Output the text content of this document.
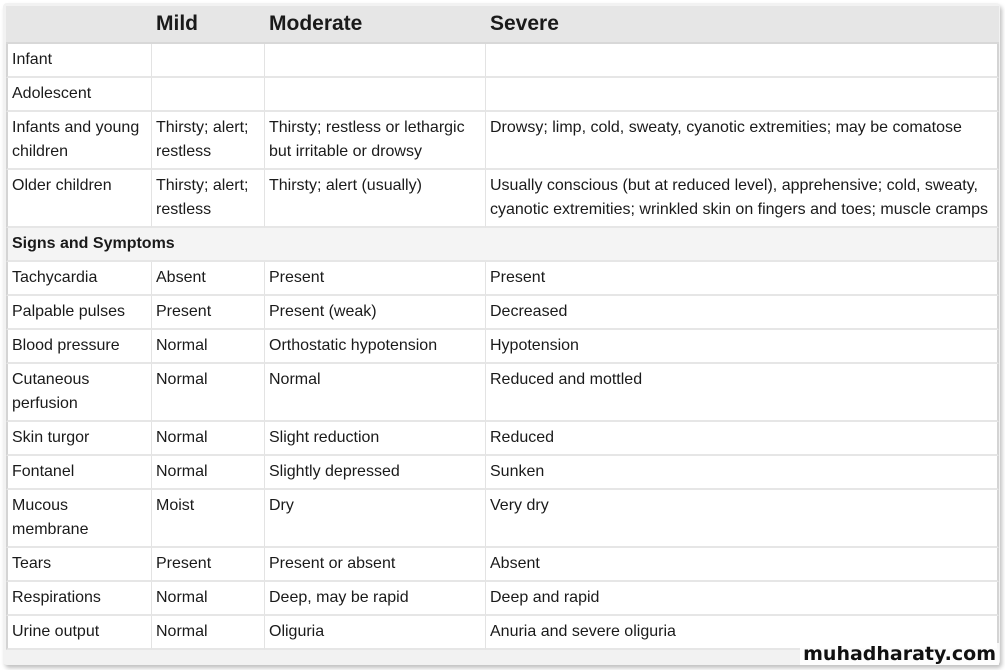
	Mild	Moderate	Severe
Infant			
Adolescent			
Infants and young children	Thirsty; alert; restless	Thirsty; restless or lethargic but irritable or drowsy	Drowsy; limp, cold, sweaty, cyanotic extremities; may be comatose
Older children	Thirsty; alert; restless	Thirsty; alert (usually)	Usually conscious (but at reduced level), apprehensive; cold, sweaty, cyanotic extremities; wrinkled skin on fingers and toes; muscle cramps
Signs and Symptoms			
Tachycardia	Absent	Present	Present
Palpable pulses	Present	Present (weak)	Decreased
Blood pressure	Normal	Orthostatic hypotension	Hypotension
Cutaneous perfusion	Normal	Normal	Reduced and mottled
Skin turgor	Normal	Slight reduction	Reduced
Fontanel	Normal	Slightly depressed	Sunken
Mucous membrane	Moist	Dry	Very dry
Tears	Present	Present or absent	Absent
Respirations	Normal	Deep, may be rapid	Deep and rapid
Urine output	Normal	Oliguria	Anuria and severe oliguria
muhadharaty.com
